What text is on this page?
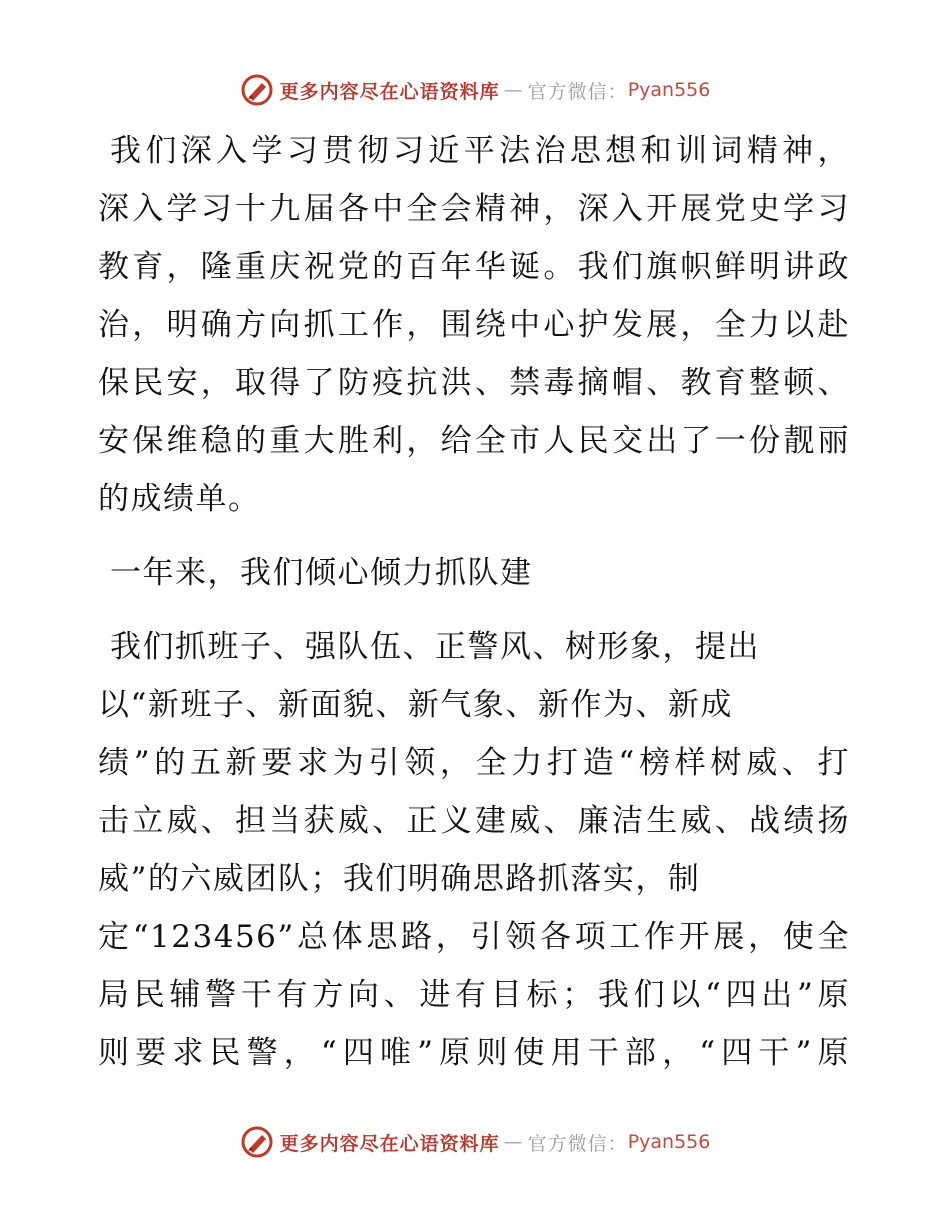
更多内容尽在心语资料库 — 官方微信： Pyan556

我们深入学习贯彻习近平法治思想和训词精神，
深入学习十九届各中全会精神，深入开展党史学习
教育，隆重庆祝党的百年华诞。我们旗帜鲜明讲政
治，明确方向抓工作，围绕中心护发展，全力以赴
保民安，取得了防疫抗洪、禁毒摘帽、教育整顿、
安保维稳的重大胜利，给全市人民交出了一份靓丽
的成绩单。

一年来，我们倾心倾力抓队建

我们抓班子、强队伍、正警风、树形象，提出
以“新班子、新面貌、新气象、新作为、新成
绩”的五新要求为引领，全力打造“榜样树威、打
击立威、担当获威、正义建威、廉洁生威、战绩扬
威”的六威团队；我们明确思路抓落实，制
定“123456”总体思路，引领各项工作开展，使全
局民辅警干有方向、进有目标；我们以“四出”原
则要求民警，“四唯”原则使用干部，“四干”原

更多内容尽在心语资料库 — 官方微信： Pyan556
